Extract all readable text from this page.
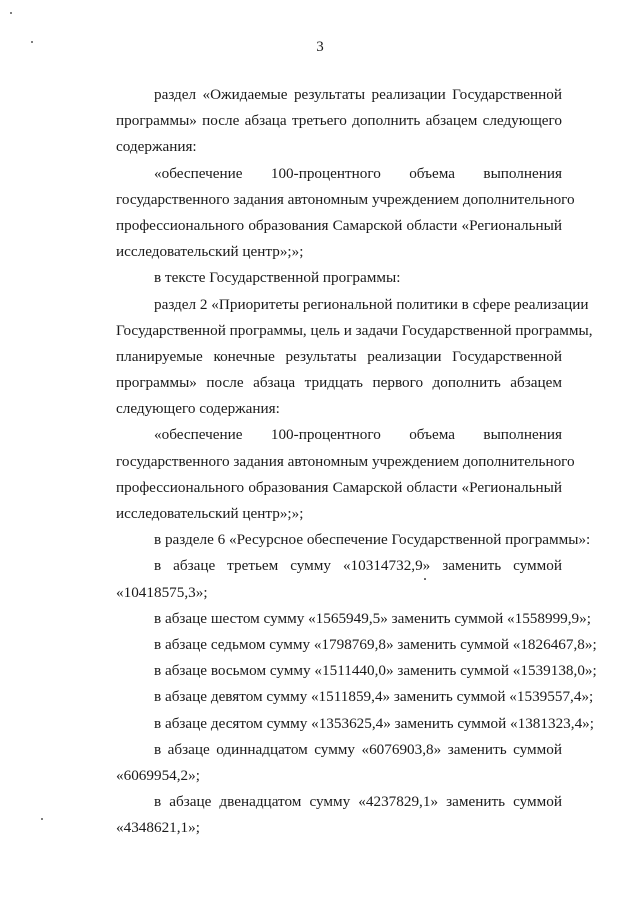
3
раздел «Ожидаемые результаты реализации Государственной
программы» после абзаца третьего дополнить абзацем следующего
содержания:
«обеспечение 100-процентного объема выполнения
государственного задания автономным учреждением дополнительного
профессионального образования Самарской области «Региональный
исследовательский центр»;»;
в тексте Государственной программы:
раздел 2 «Приоритеты региональной политики в сфере реализации
Государственной программы, цель и задачи Государственной программы,
планируемые конечные результаты реализации Государственной
программы» после абзаца тридцать первого дополнить абзацем
следующего содержания:
«обеспечение 100-процентного объема выполнения
государственного задания автономным учреждением дополнительного
профессионального образования Самарской области «Региональный
исследовательский центр»;»;
в разделе 6 «Ресурсное обеспечение Государственной программы»:
в абзаце третьем сумму «10314732,9» заменить суммой
«10418575,3»;
в абзаце шестом сумму «1565949,5» заменить суммой «1558999,9»;
в абзаце седьмом сумму «1798769,8» заменить суммой «1826467,8»;
в абзаце восьмом сумму «1511440,0» заменить суммой «1539138,0»;
в абзаце девятом сумму «1511859,4» заменить суммой «1539557,4»;
в абзаце десятом сумму «1353625,4» заменить суммой «1381323,4»;
в абзаце одиннадцатом сумму «6076903,8» заменить суммой
«6069954,2»;
в абзаце двенадцатом сумму «4237829,1» заменить суммой
«4348621,1»;
